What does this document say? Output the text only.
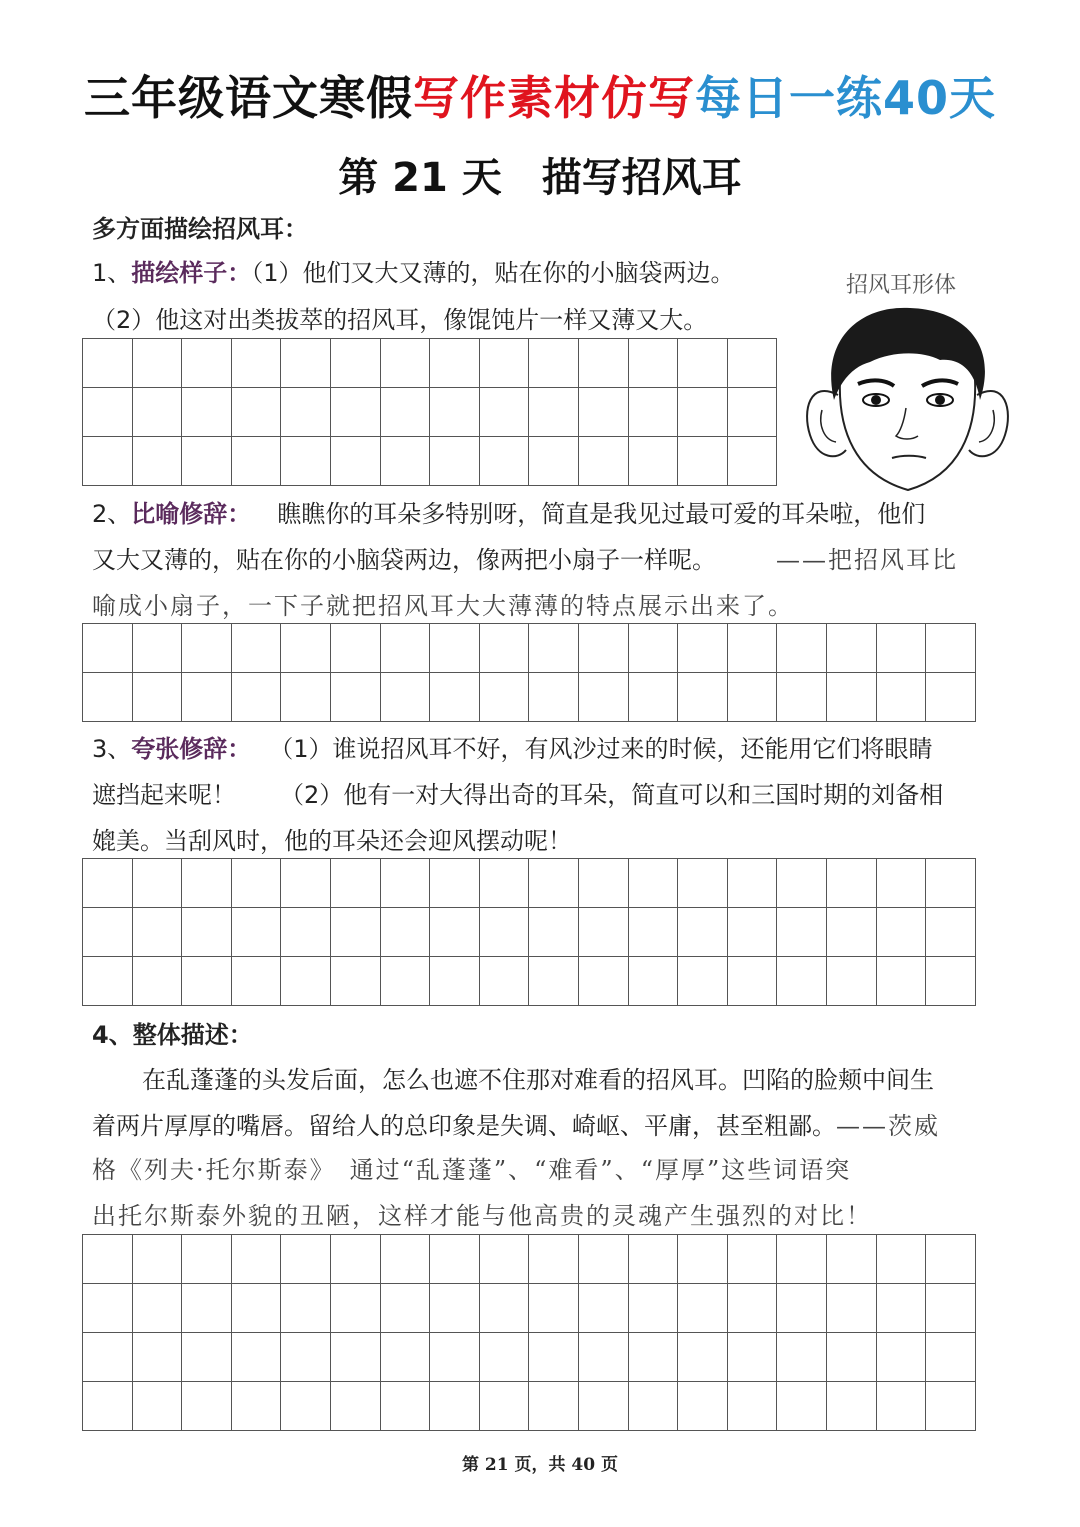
三年级语文寒假写作素材仿写每日一练40天
第 21 天 描写招风耳
多方面描绘招风耳：
1、描绘样子：（1）他们又大又薄的，贴在你的小脑袋两边。
（2）他这对出类拔萃的招风耳，像馄饨片一样又薄又大。
招风耳形体
2、比喻修辞： 瞧瞧你的耳朵多特别呀，简直是我见过最可爱的耳朵啦，他们
又大又薄的，贴在你的小脑袋两边，像两把小扇子一样呢。	——把招风耳比
喻成小扇子，一下子就把招风耳大大薄薄的特点展示出来了。
3、夸张修辞： （1）谁说招风耳不好，有风沙过来的时候，还能用它们将眼睛
遮挡起来呢！ （2）他有一对大得出奇的耳朵，简直可以和三国时期的刘备相
媲美。当刮风时，他的耳朵还会迎风摆动呢！
4、整体描述：
在乱蓬蓬的头发后面，怎么也遮不住那对难看的招风耳。凹陷的脸颊中间生
着两片厚厚的嘴唇。留给人的总印象是失调、崎岖、平庸，甚至粗鄙。——茨威
格《列夫·托尔斯泰》　通过“乱蓬蓬”、“难看”、“厚厚”这些词语突
出托尔斯泰外貌的丑陋，这样才能与他高贵的灵魂产生强烈的对比！
第 21 页，共 40 页
